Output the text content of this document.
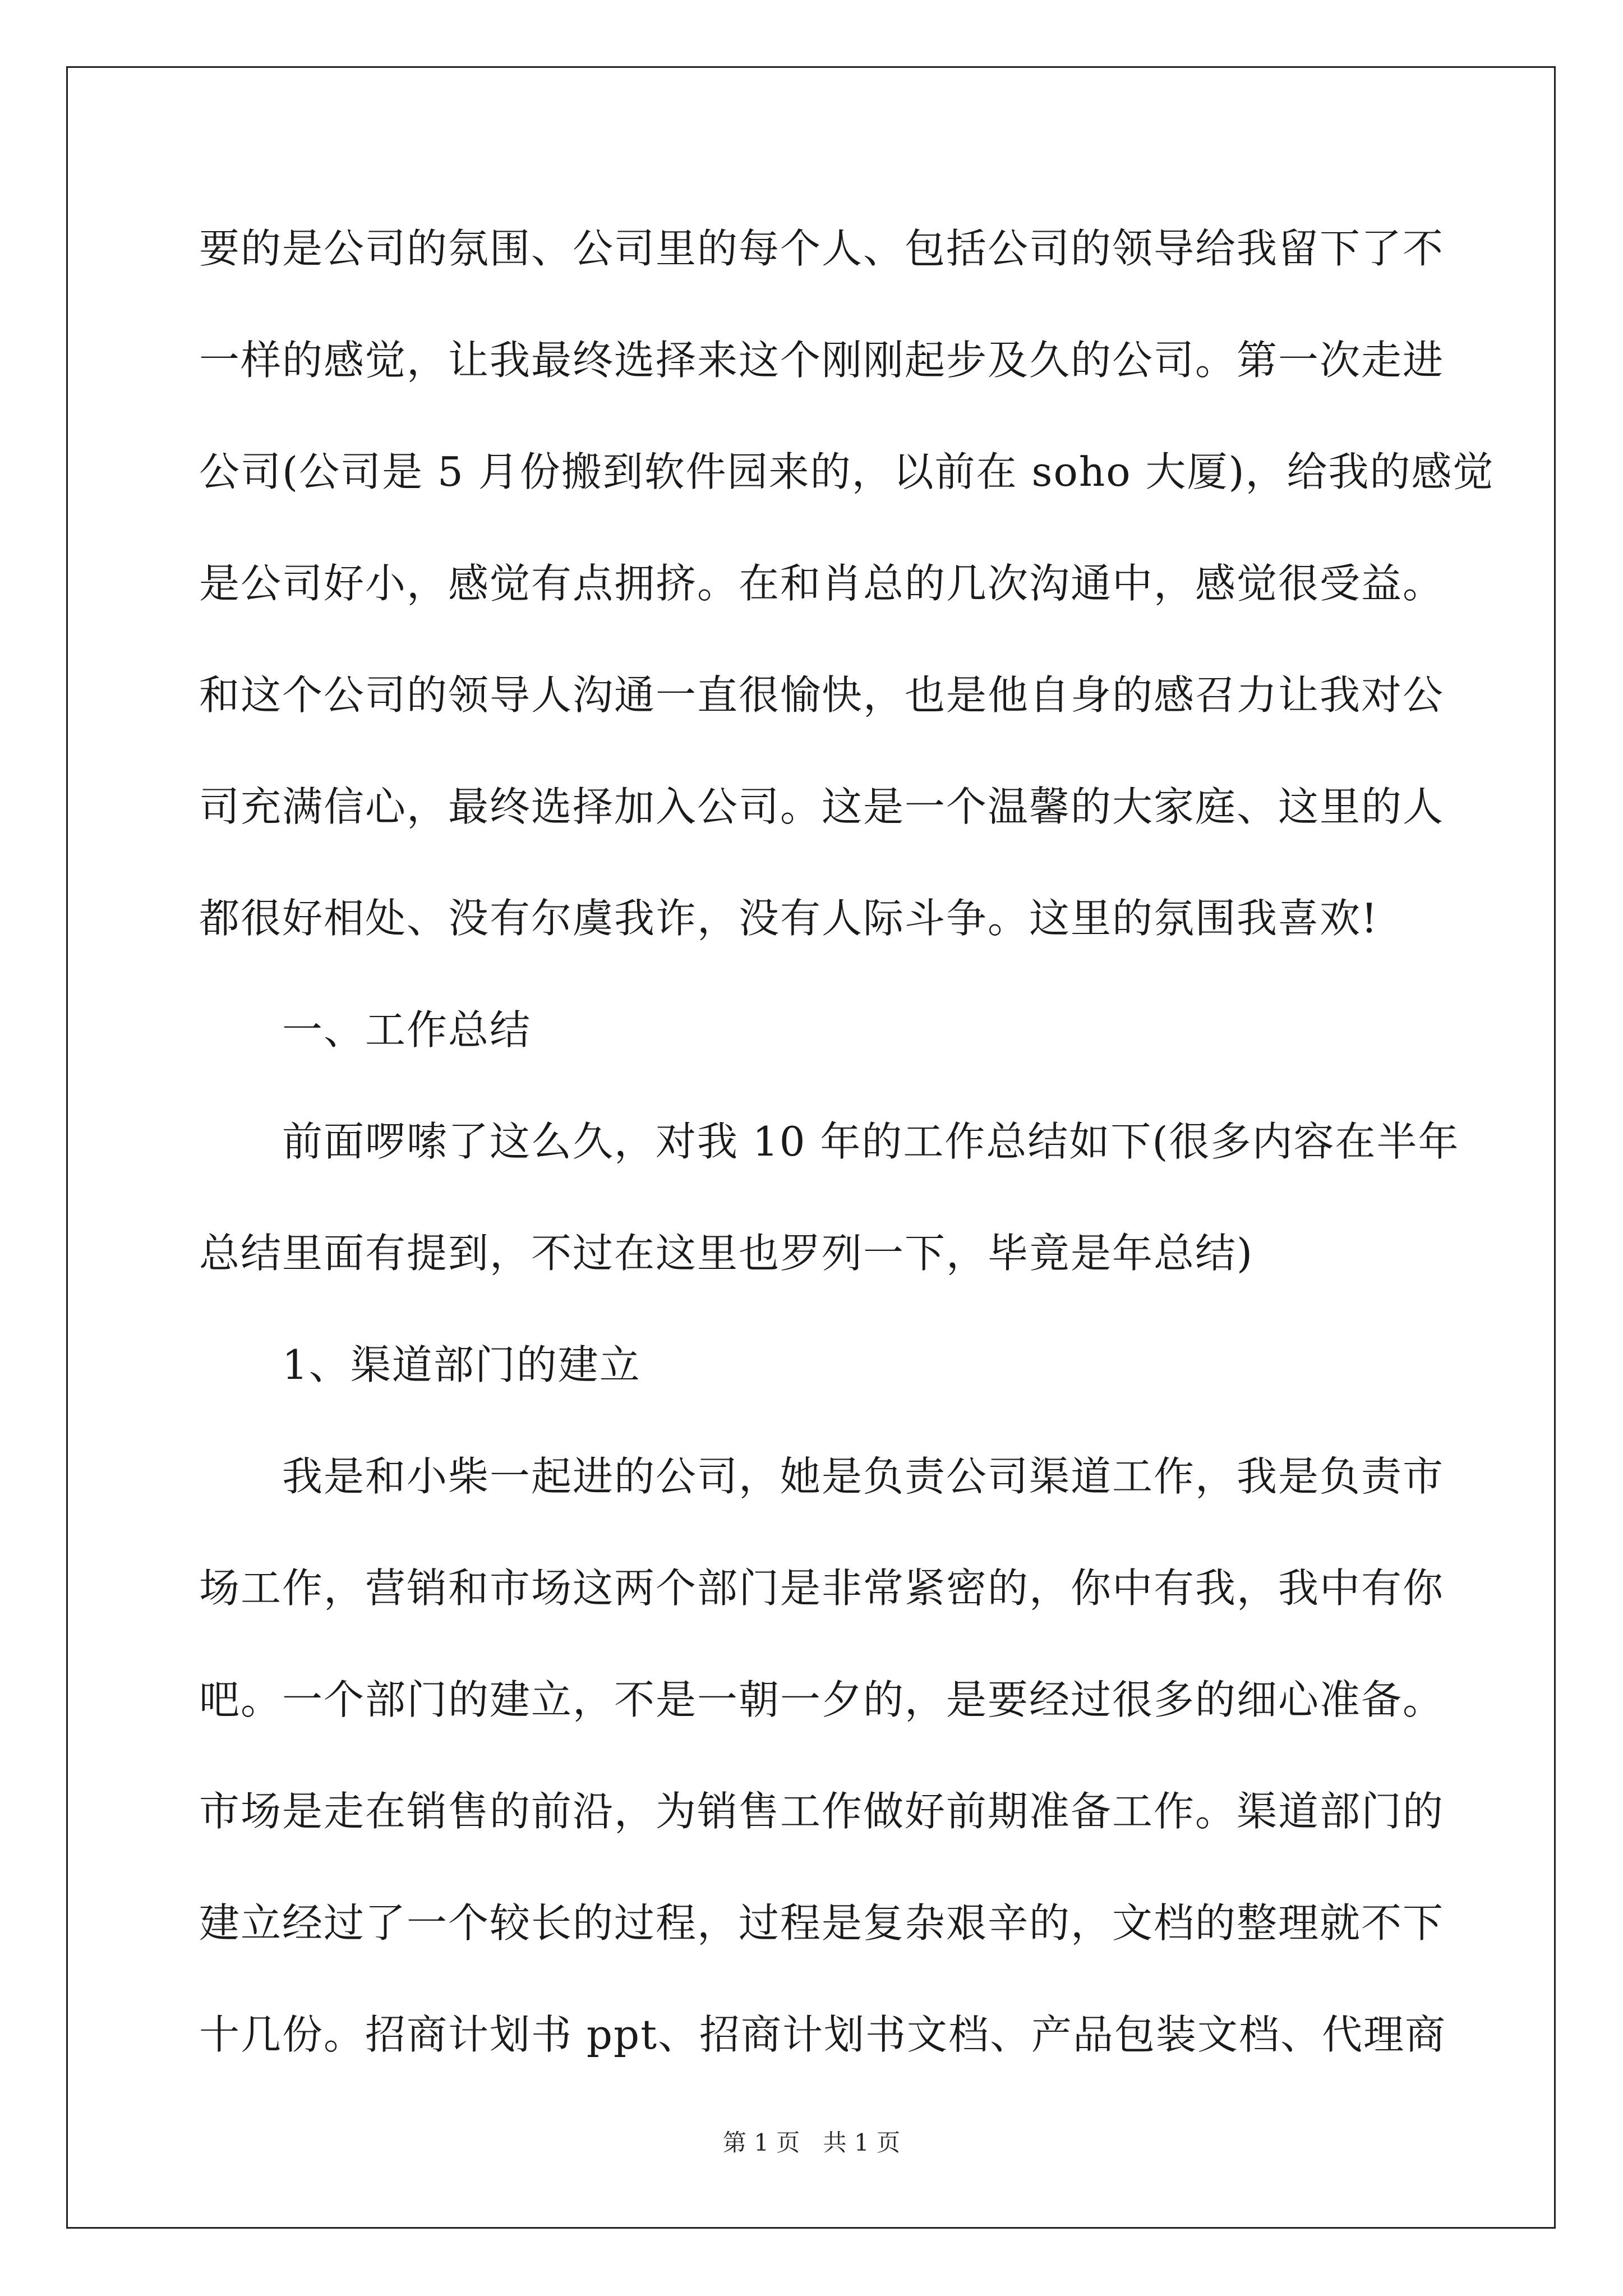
要的是公司的氛围、公司里的每个人、包括公司的领导给我留下了不
一样的感觉，让我最终选择来这个刚刚起步及久的公司。第一次走进
公司(公司是 5 月份搬到软件园来的，以前在 soho 大厦)，给我的感觉
是公司好小，感觉有点拥挤。在和肖总的几次沟通中，感觉很受益。
和这个公司的领导人沟通一直很愉快，也是他自身的感召力让我对公
司充满信心，最终选择加入公司。这是一个温馨的大家庭、这里的人
都很好相处、没有尔虞我诈，没有人际斗争。这里的氛围我喜欢!
一、工作总结
前面啰嗦了这么久，对我 10 年的工作总结如下(很多内容在半年
总结里面有提到，不过在这里也罗列一下，毕竟是年总结)
1、渠道部门的建立
我是和小柴一起进的公司，她是负责公司渠道工作，我是负责市
场工作，营销和市场这两个部门是非常紧密的，你中有我，我中有你
吧。一个部门的建立，不是一朝一夕的，是要经过很多的细心准备。
市场是走在销售的前沿，为销售工作做好前期准备工作。渠道部门的
建立经过了一个较长的过程，过程是复杂艰辛的，文档的整理就不下
十几份。招商计划书 ppt、招商计划书文档、产品包装文档、代理商
第 1 页 共 1 页
